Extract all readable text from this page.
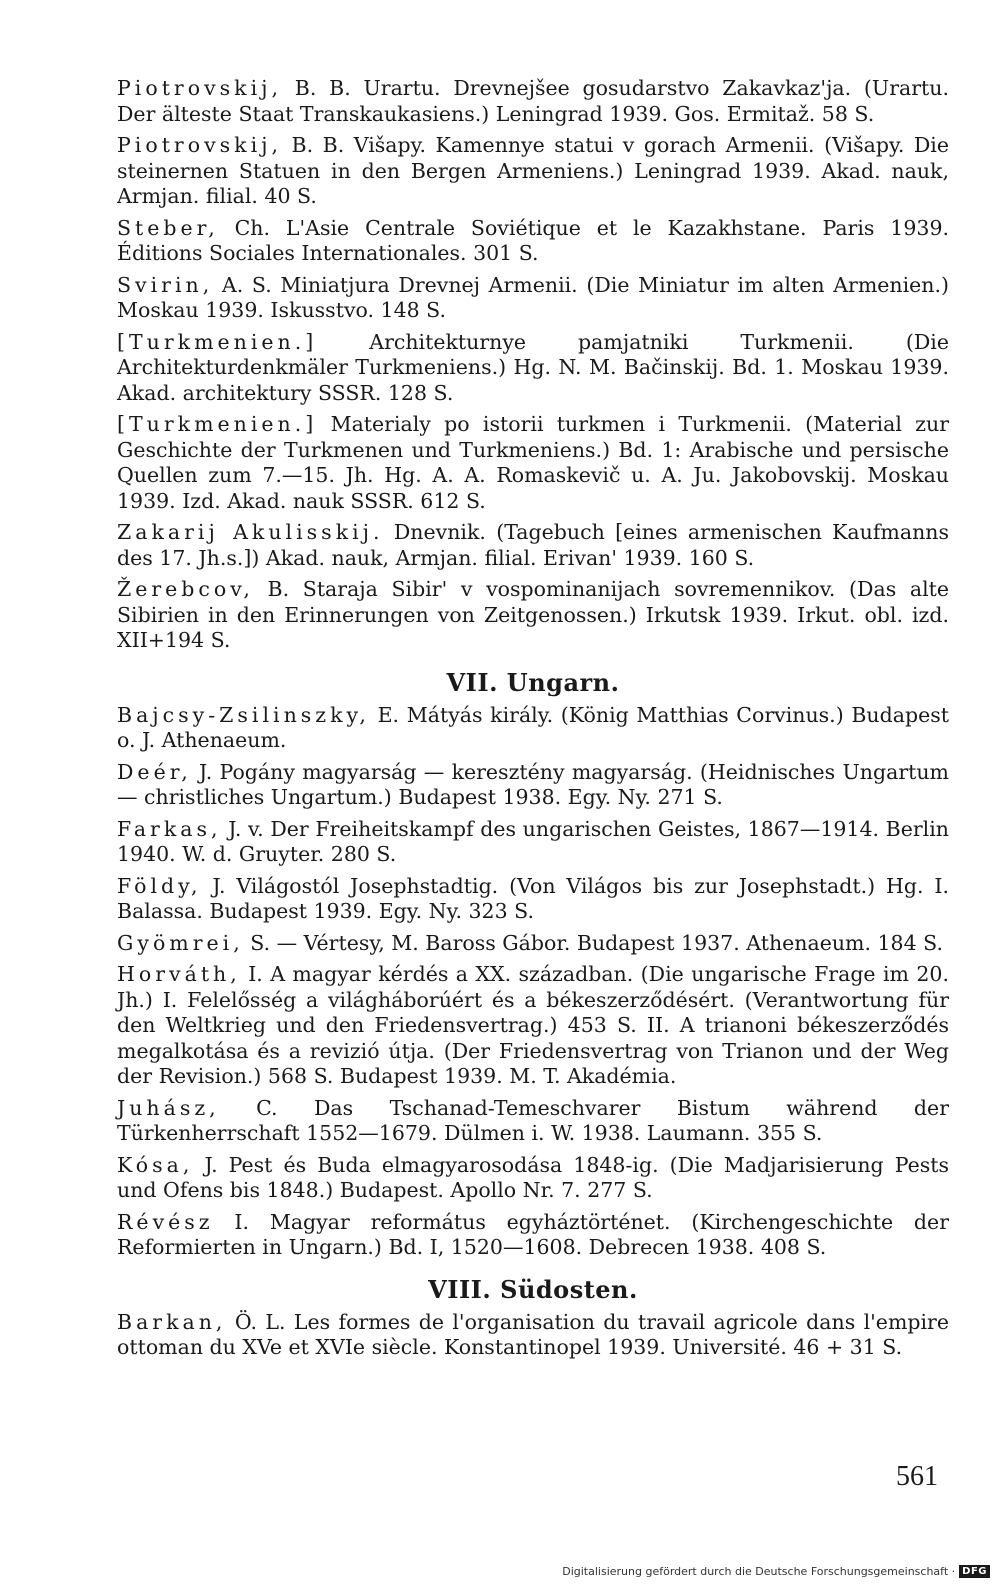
Piotrovskij, B. B. Urartu. Drevnejšee gosudarstvo Zakavkaz'ja. (Urartu. Der älteste Staat Transkaukasiens.) Leningrad 1939. Gos. Ermitaž. 58 S.

Piotrovskij, B. B. Višapy. Kamennye statui v gorach Armenii. (Višapy. Die steinernen Statuen in den Bergen Armeniens.) Leningrad 1939. Akad. nauk, Armjan. filial. 40 S.

Steber, Ch. L'Asie Centrale Soviétique et le Kazakhstane. Paris 1939. Éditions Sociales Internationales. 301 S.

Svirin, A. S. Miniatjura Drevnej Armenii. (Die Miniatur im alten Armenien.) Moskau 1939. Iskusstvo. 148 S.

[Turkmenien.] Architekturnye pamjatniki Turkmenii. (Die Architekturdenkmäler Turkmeniens.) Hg. N. M. Bačinskij. Bd. 1. Moskau 1939. Akad. architektury SSSR. 128 S.

[Turkmenien.] Materialy po istorii turkmen i Turkmenii. (Material zur Geschichte der Turkmenen und Turkmeniens.) Bd. 1: Arabische und persische Quellen zum 7.—15. Jh. Hg. A. A. Romaskevič u. A. Ju. Jakobovskij. Moskau 1939. Izd. Akad. nauk SSSR. 612 S.

Zakarij Akulisskij. Dnevnik. (Tagebuch [eines armenischen Kaufmanns des 17. Jh.s.]) Akad. nauk, Armjan. filial. Erivan' 1939. 160 S.

Žerebcov, B. Staraja Sibir' v vospominanijach sovremennikov. (Das alte Sibirien in den Erinnerungen von Zeitgenossen.) Irkutsk 1939. Irkut. obl. izd. XII+194 S.

VII. Ungarn.

Bajcsy-Zsilinszky, E. Mátyás király. (König Matthias Corvinus.) Budapest o. J. Athenaeum.

Deér, J. Pogány magyarság — keresztény magyarság. (Heidnisches Ungartum — christliches Ungartum.) Budapest 1938. Egy. Ny. 271 S.

Farkas, J. v. Der Freiheitskampf des ungarischen Geistes, 1867—1914. Berlin 1940. W. d. Gruyter. 280 S.

Földy, J. Világostól Josephstadtig. (Von Világos bis zur Josephstadt.) Hg. I. Balassa. Budapest 1939. Egy. Ny. 323 S.

Gyömrei, S. — Vértesy, M. Baross Gábor. Budapest 1937. Athenaeum. 184 S.

Horváth, I. A magyar kérdés a XX. században. (Die ungarische Frage im 20. Jh.) I. Felelősség a világháborúért és a békeszerződésért. (Verantwortung für den Weltkrieg und den Friedensvertrag.) 453 S. II. A trianoni békeszerződés megalkotása és a revizió útja. (Der Friedensvertrag von Trianon und der Weg der Revision.) 568 S. Budapest 1939. M. T. Akadémia.

Juhász, C. Das Tschanad-Temeschvarer Bistum während der Türkenherrschaft 1552—1679. Dülmen i. W. 1938. Laumann. 355 S.

Kósa, J. Pest és Buda elmagyarosodása 1848-ig. (Die Madjarisierung Pests und Ofens bis 1848.) Budapest. Apollo Nr. 7. 277 S.

Révész I. Magyar református egyháztörténet. (Kirchengeschichte der Reformierten in Ungarn.) Bd. I, 1520—1608. Debrecen 1938. 408 S.

VIII. Südosten.

Barkan, Ö. L. Les formes de l'organisation du travail agricole dans l'empire ottoman du XVe et XVIe siècle. Konstantinopel 1939. Université. 46 + 31 S.

561
Digitalisierung gefördert durch die Deutsche Forschungsgemeinschaft · DFG
